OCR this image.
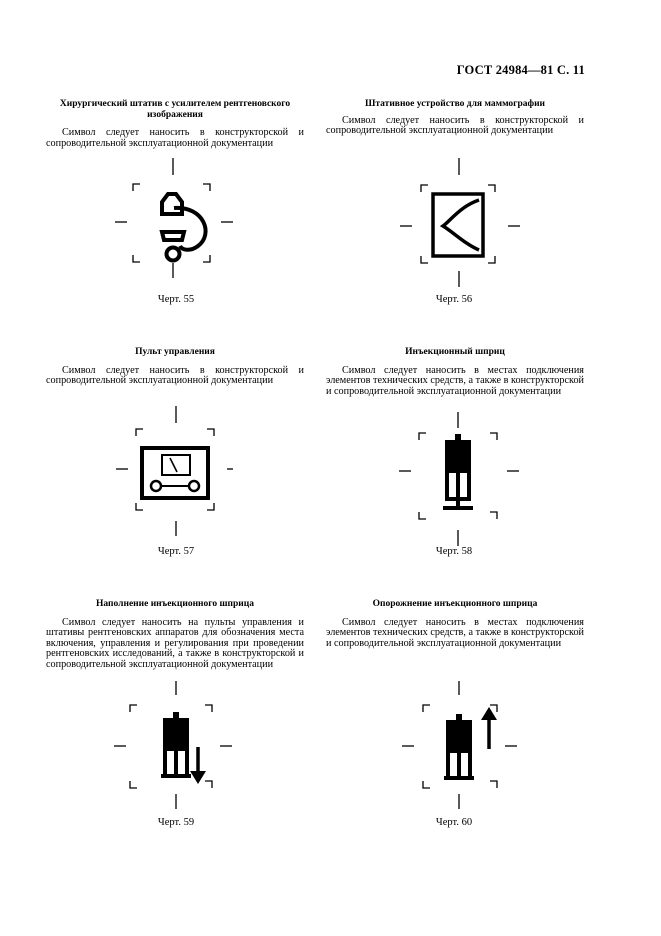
ГОСТ 24984—81 С. 11

Хирургический штатив с усилителем рентгеновского изображения

Символ следует наносить в конструкторской и сопроводительной эксплуатационной документации

Черт. 55

Штативное устройство для маммографии

Символ следует наносить в конструкторской и сопроводительной эксплуатационной документации

Черт. 56

Пульт управления

Символ следует наносить в конструкторской и сопроводительной эксплуатационной документации

Черт. 57

Инъекционный шприц

Символ следует наносить в местах подключения элементов технических средств, а также в конструкторской и сопроводительной эксплуатационной документации

Черт. 58

Наполнение инъекционного шприца

Символ следует наносить на пульты управления и штативы рентгеновских аппаратов для обозначения места включения, управления и регулирования при проведении рентгеновских исследований, а также в конструкторской и сопроводительной эксплуатационной документации

Черт. 59

Опорожнение инъекционного шприца

Символ следует наносить в местах подключения элементов технических средств, а также в конструкторской и сопроводительной эксплуатационной документации

Черт. 60
